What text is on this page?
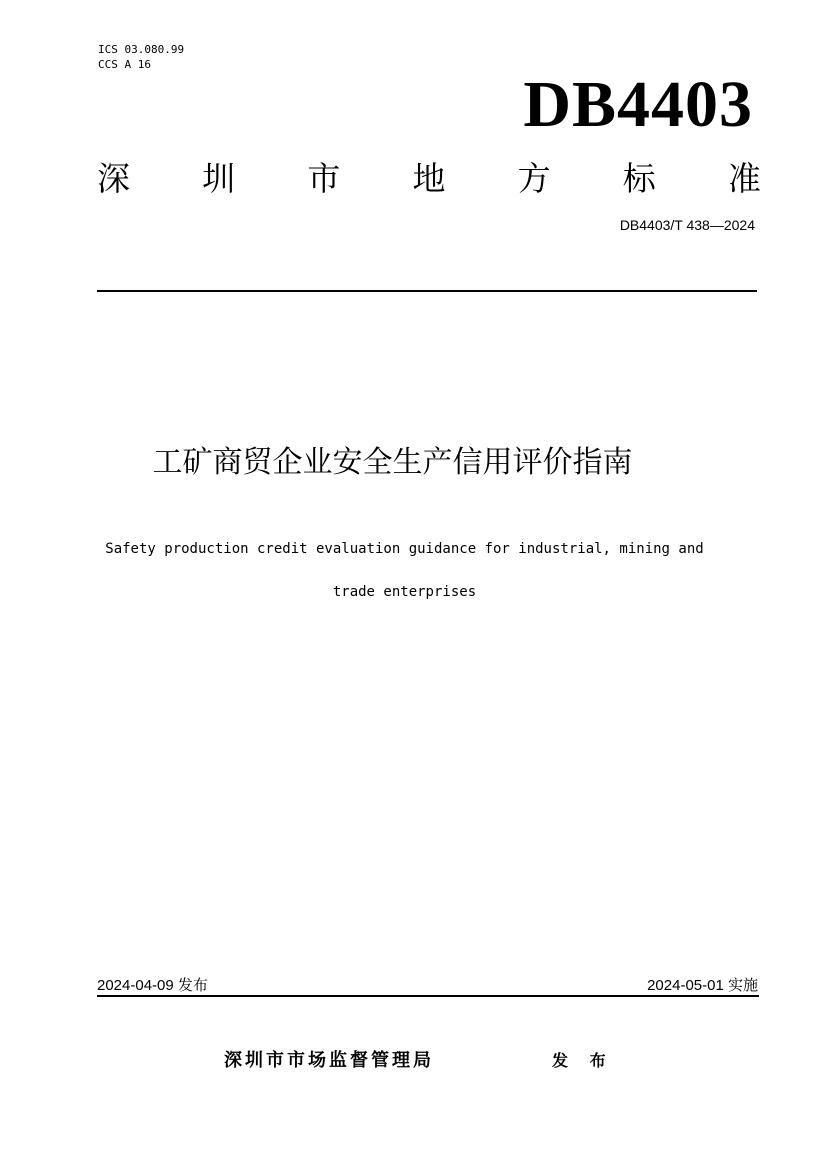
ICS 03.080.99
CCS A 16
DB4403
深 圳 市 地 方 标 准
DB4403/T 438—2024
工矿商贸企业安全生产信用评价指南
Safety production credit evaluation guidance for industrial, mining and
trade enterprises
2024-04-09 发布	2024-05-01 实施
深圳市市场监督管理局	发 布
